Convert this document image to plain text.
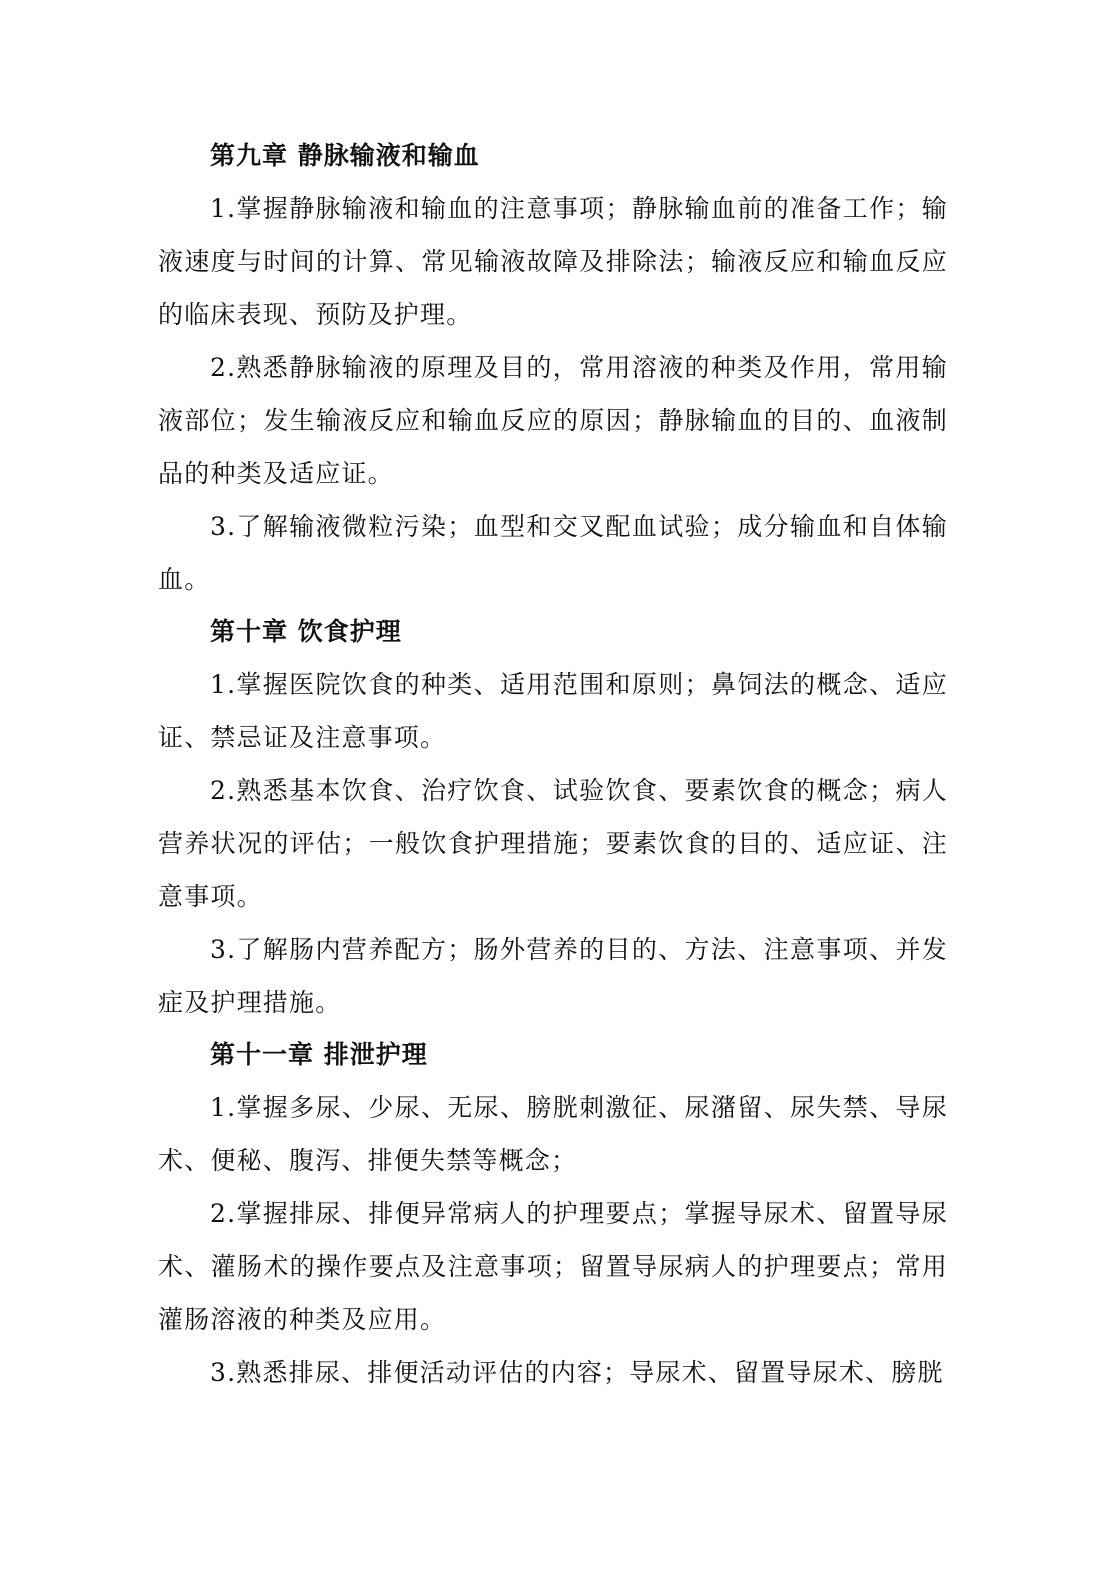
第九章 静脉输液和输血

1.掌握静脉输液和输血的注意事项；静脉输血前的准备工作；输液速度与时间的计算、常见输液故障及排除法；输液反应和输血反应的临床表现、预防及护理。

2.熟悉静脉输液的原理及目的，常用溶液的种类及作用，常用输液部位；发生输液反应和输血反应的原因；静脉输血的目的、血液制品的种类及适应证。

3.了解输液微粒污染；血型和交叉配血试验；成分输血和自体输血。

第十章 饮食护理

1.掌握医院饮食的种类、适用范围和原则；鼻饲法的概念、适应证、禁忌证及注意事项。

2.熟悉基本饮食、治疗饮食、试验饮食、要素饮食的概念；病人营养状况的评估；一般饮食护理措施；要素饮食的目的、适应证、注意事项。

3.了解肠内营养配方；肠外营养的目的、方法、注意事项、并发症及护理措施。

第十一章 排泄护理

1.掌握多尿、少尿、无尿、膀胱刺激征、尿潴留、尿失禁、导尿术、便秘、腹泻、排便失禁等概念；

2.掌握排尿、排便异常病人的护理要点；掌握导尿术、留置导尿术、灌肠术的操作要点及注意事项；留置导尿病人的护理要点；常用灌肠溶液的种类及应用。

3.熟悉排尿、排便活动评估的内容；导尿术、留置导尿术、膀胱
